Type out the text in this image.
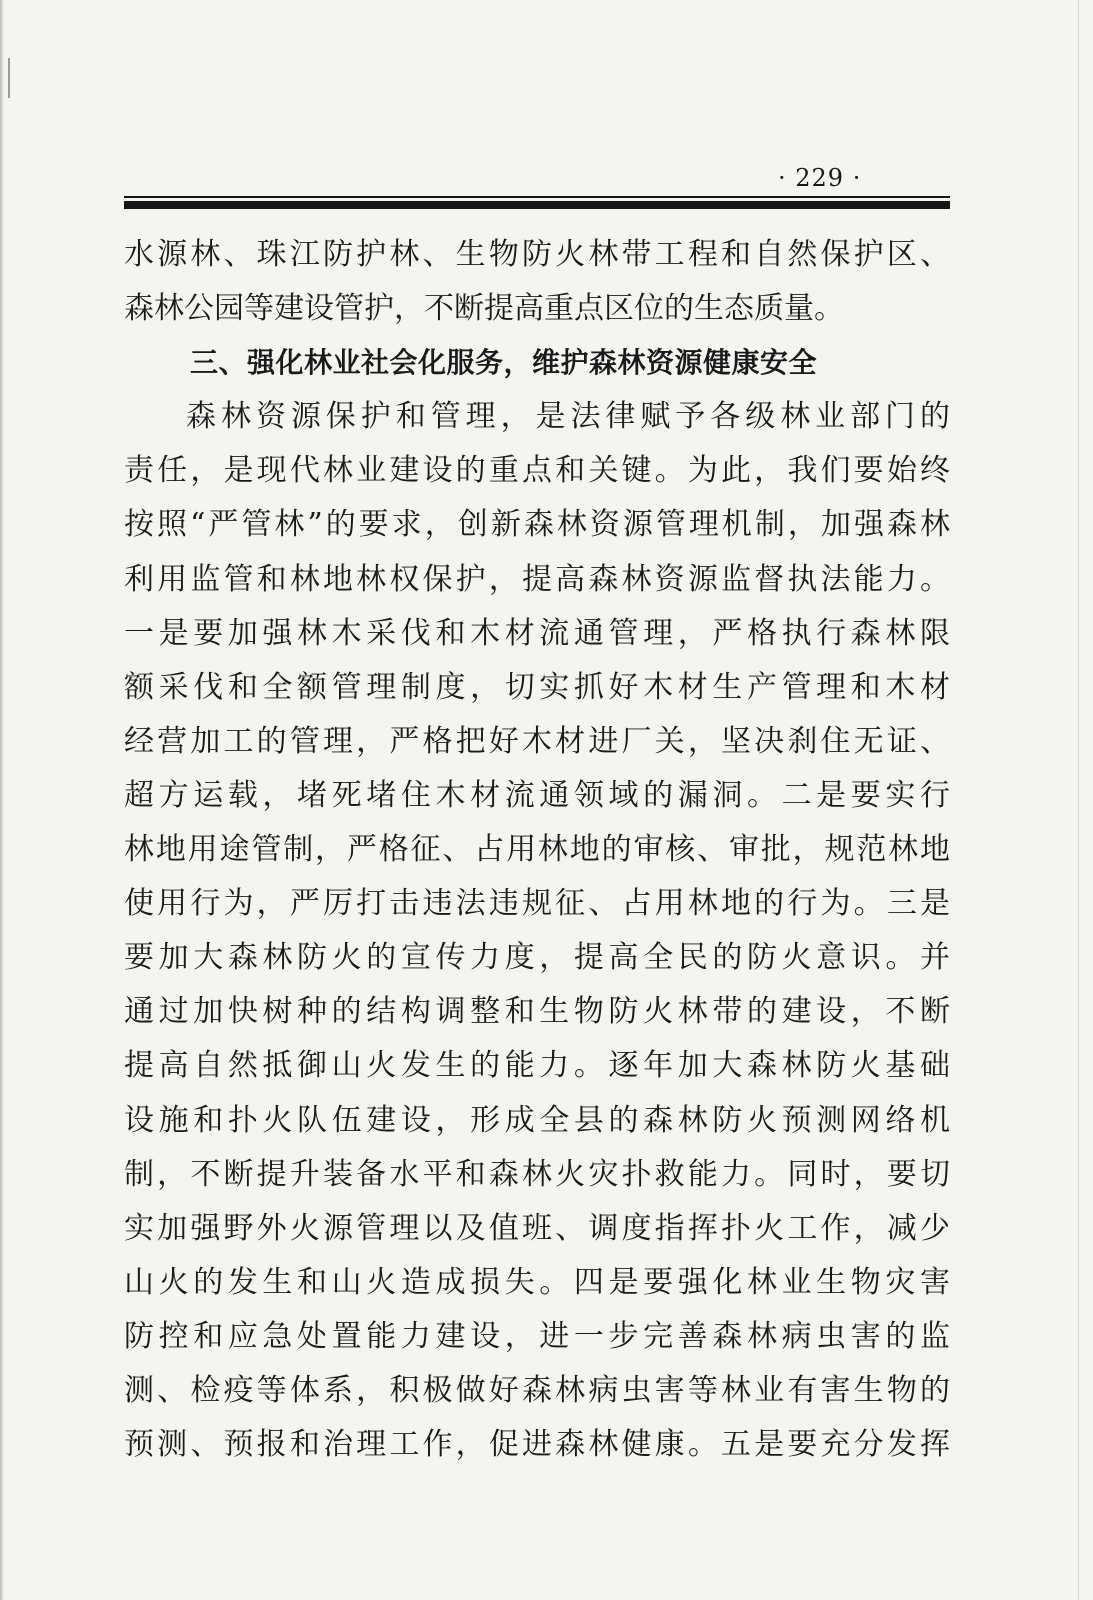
· 229 ·
水源林、珠江防护林、生物防火林带工程和自然保护区、
森林公园等建设管护，不断提高重点区位的生态质量。
三、强化林业社会化服务，维护森林资源健康安全
森林资源保护和管理，是法律赋予各级林业部门的
责任，是现代林业建设的重点和关键。为此，我们要始终
按照“严管林”的要求，创新森林资源管理机制，加强森林
利用监管和林地林权保护，提高森林资源监督执法能力。
一是要加强林木采伐和木材流通管理，严格执行森林限
额采伐和全额管理制度，切实抓好木材生产管理和木材
经营加工的管理，严格把好木材进厂关，坚决刹住无证、
超方运载，堵死堵住木材流通领域的漏洞。二是要实行
林地用途管制，严格征、占用林地的审核、审批，规范林地
使用行为，严厉打击违法违规征、占用林地的行为。三是
要加大森林防火的宣传力度，提高全民的防火意识。并
通过加快树种的结构调整和生物防火林带的建设，不断
提高自然抵御山火发生的能力。逐年加大森林防火基础
设施和扑火队伍建设，形成全县的森林防火预测网络机
制，不断提升装备水平和森林火灾扑救能力。同时，要切
实加强野外火源管理以及值班、调度指挥扑火工作，减少
山火的发生和山火造成损失。四是要强化林业生物灾害
防控和应急处置能力建设，进一步完善森林病虫害的监
测、检疫等体系，积极做好森林病虫害等林业有害生物的
预测、预报和治理工作，促进森林健康。五是要充分发挥
